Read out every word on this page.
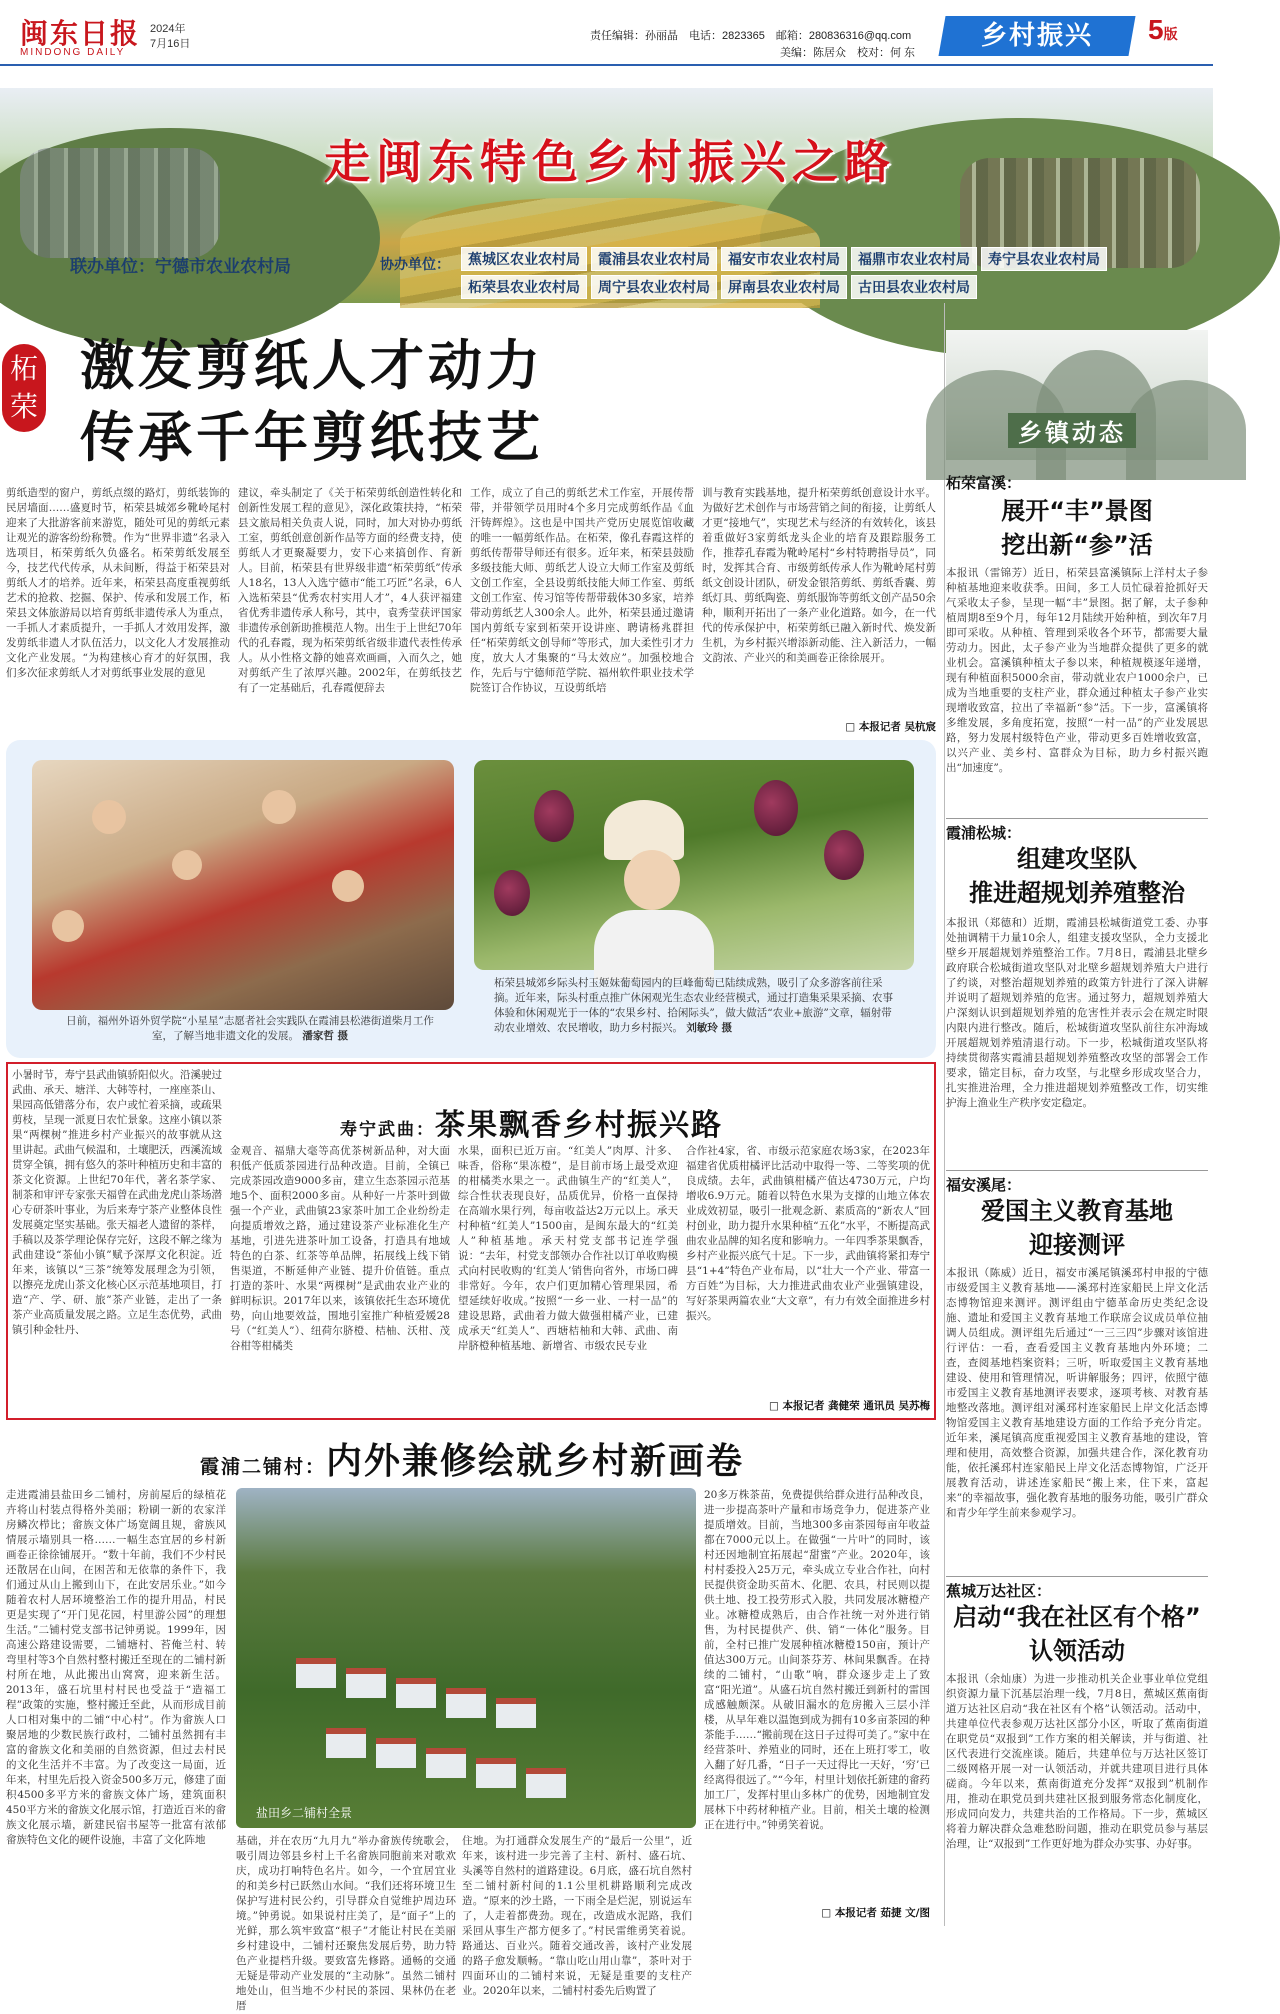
闽东日报
MINDONG DAILY
2024年
7月16日
责任编辑：孙丽晶　电话：2823365　邮箱：280836316@qq.com
美编：陈居众　校对：何 东
乡村振兴	5版
走闽东特色乡村振兴之路
联办单位：宁德市农业农村局	协办单位：	蕉城区农业农村局	霞浦县农业农村局	福安市农业农村局	福鼎市农业农村局	寿宁县农业农村局
柘荣县农业农村局	周宁县农业农村局	屏南县农业农村局	古田县农业农村局
柘荣
激发剪纸人才动力
传承千年剪纸技艺
剪纸造型的窗户，剪纸点缀的路灯，剪纸装饰的民居墙面……盛夏时节，柘荣县城郊乡靴岭尾村迎来了大批游客前来游览，随处可见的剪纸元素让观光的游客纷纷称赞。作为“世界非遗”名录入选项目，柘荣剪纸久负盛名。柘荣剪纸发展至今，技艺代代传承，从未间断，得益于柘荣县对剪纸人才的培养。近年来，柘荣县高度重视剪纸艺术的抢救、挖掘、保护、传承和发展工作，柘荣县文体旅游局以培育剪纸非遗传承人为重点，一手抓人才素质提升，一手抓人才效用发挥，激发剪纸非遗人才队伍活力，以文化人才发展推动文化产业发展。“为构建核心育才的好氛围，我们多次征求剪纸人才对剪纸事业发展的意见
建议，牵头制定了《关于柘荣剪纸创造性转化和创新性发展工程的意见》，深化政策扶持，“柘荣县文旅局相关负责人说，同时，加大对协办剪纸工室，剪纸创意创新作品等方面的经费支持，使剪纸人才更聚凝要力，安下心来搞创作、育新人。目前，柘荣县有世界级非遗“柘荣剪纸”传承人18名，13人入选宁德市“能工巧匠”名录，6人入选柘荣县“优秀农村实用人才”，4人获评福建省优秀非遗传承人称号，其中，袁秀莹获评国家非遗传承创新助推模范人物。出生于上世纪70年代的孔春霞，现为柘荣剪纸省级非遗代表性传承人。从小性格文静的她喜欢画画，入而久之，她对剪纸产生了浓厚兴趣。2002年，在剪纸技艺有了一定基础后，孔春霞便辞去
工作，成立了自己的剪纸艺术工作室，开展传帮带，并带领学员用时4个多月完成剪纸作品《血汗铸辉煌》。这也是中国共产党历史展览馆收藏的唯一一幅剪纸作品。在柘荣，像孔春霞这样的剪纸传帮带导师还有很多。近年来，柘荣县鼓励多级技能大师、剪纸艺人设立大师工作室及剪纸文创工作室，全县设剪纸技能大师工作室、剪纸文创工作室、传习馆等传帮带载体30多家，培养带动剪纸艺人300余人。此外，柘荣县通过邀请国内剪纸专家到柘荣开设讲座、聘请杨兆群担任“柘荣剪纸文创导师”等形式，加大柔性引才力度，放大人才集聚的“马太效应”。加强校地合作，先后与宁德师范学院、福州软件职业技术学院签订合作协议，互设剪纸培
训与教育实践基地，提升柘荣剪纸创意设计水平。为做好艺术创作与市场营销之间的衔接，让剪纸人才更“接地气”，实现艺术与经济的有效转化，该县着重做好3家剪纸龙头企业的培育及跟踪服务工作，推荐孔春霞为靴岭尾村“乡村特聘指导员”，同时，发挥其合育、市级剪纸传承人作为靴岭尾村剪纸文创设计团队，研发金银箔剪纸、剪纸香囊、剪纸灯具、剪纸陶瓷、剪纸服饰等剪纸文创产品50余种，顺利开拓出了一条产业化道路。如今，在一代代的传承保护中，柘荣剪纸已融入新时代、焕发新生机，为乡村振兴增添新动能、注入新活力，一幅文韵浓、产业兴的和美画卷正徐徐展开。
□ 本报记者 吴杭宸
日前，福州外语外贸学院“小星星”志愿者社会实践队在霞浦县松港街道柴月工作室，了解当地非遗文化的发展。 潘家哲 摄
柘荣县城郊乡际头村玉姬妹葡萄园内的巨峰葡萄已陆续成熟，吸引了众多游客前往采摘。近年来，际头村重点推广休闲观光生态农业经营模式，通过打造集采果采摘、农事体验和休闲观光于一体的“农果乡村、拾闲际头”，做大做活“农业+旅游”文章，辐射带动农业增效、农民增收，助力乡村振兴。 刘敏玲 摄
寿宁武曲：茶果飘香乡村振兴路
小暑时节，寿宁县武曲镇骄阳似火。沿溪驶过武曲、承天、塘洋、大韩等村，一座座茶山、果园高低错落分布，农户或忙着采摘，或疏果剪枝，呈现一派夏日农忙景象。这座小镇以茶果“两棵树”推进乡村产业振兴的故事就从这里讲起。武曲气候温和，土壤肥沃，西溪流域贯穿全镇，拥有悠久的茶叶种植历史和丰富的茶文化资源。上世纪70年代，著名茶学家、制茶和审评专家张天福曾在武曲龙虎山茶场潜心专研茶叶事业，为后来寿宁茶产业整体良性发展奠定坚实基础。张天福老人遗留的茶样，手稿以及茶学理论保存完好，这段不解之缘为武曲建设“茶仙小镇”赋予深厚文化积淀。近年来，该镇以“三茶”统筹发展理念为引领，以擦亮龙虎山茶文化核心区示范基地项目，打造“产、学、研、旅”茶产业链，走出了一条茶产业高质量发展之路。立足生态优势，武曲镇引种金牡丹、
金观音、福鼎大毫等高优茶树新品种，对大面积低产低质茶园进行品种改造。目前，全镇已完成茶园改造9000多亩，建立生态茶园示范基地5个、面积2000多亩。从种好一片茶叶到做强一个产业，武曲镇23家茶叶加工企业纷纷走向提质增效之路，通过建设茶产业标准化生产基地，引进先进茶叶加工设备，打造具有地域特色的白茶、红茶等单品牌，拓展线上线下销售渠道，不断延伸产业链、提升价值链。重点打造的茶叶、水果“两棵树”是武曲农业产业的鲜明标识。2017年以来，该镇依托生态环境优势，向山地要效益，围地引室推广种植爱媛28号（“红美人”）、纽荷尔脐橙、桔柚、沃柑、茂谷柑等柑橘类
水果，面积已近万亩。“红美人”肉厚、汁多、味香，俗称“果冻橙”，是目前市场上最受欢迎的柑橘类水果之一。武曲镇生产的“红美人”，综合性状表现良好，品质优异，价格一直保持在高端水果行列，每亩收益达2万元以上。承天村种植“红美人”1500亩，是闽东最大的“红美人”种植基地。承天村党支部书记连学强说：“去年，村党支部领办合作社以订单收购模式向村民收购的‘红美人’销售向省外，市场口碑非常好。今年，农户们更加精心管理果园，希望延续好收成。”按照“一乡一业、一村一品”的建设思路，武曲着力做大做强柑橘产业，已建成承天“红美人”、西塘桔柚和大韩、武曲、南岸脐橙种植基地、新增省、市级农民专业
合作社4家，省、市级示范家庭农场3家，在2023年福建省优质柑橘评比活动中取得一等、二等奖项的优良成绩。去年，武曲镇柑橘产值达4730万元，户均增收6.9万元。随着以特色水果为支撑的山地立体农业成效初显，吸引一批观念新、素质高的“新农人”回村创业，助力提升水果种植“五化”水平，不断提高武曲农业品牌的知名度和影响力。一年四季茶果飘香，乡村产业振兴底气十足。下一步，武曲镇将紧扣寿宁县“1+4”特色产业布局，以“壮大一个产业、带富一方百姓”为目标，大力推进武曲农业产业强镇建设，写好茶果两篇农业“大文章”，有力有效全面推进乡村振兴。
□ 本报记者 龚健荣 通讯员 吴苏梅
霞浦二铺村：内外兼修绘就乡村新画卷
走进霞浦县盐田乡二铺村，房前屋后的绿植花卉将山村装点得格外美丽；粉刷一新的农家洋房鳞次栉比；畲族文体广场宽阔且规，畲族风情展示墙别具一格……一幅生态宜居的乡村新画卷正徐徐铺展开。“数十年前，我们不少村民还散居在山间，在困苦和无依靠的条件下，我们通过从山上搬到山下，在此安居乐业。”如今随着农村人居环境整治工作的提升用品，村民更是实现了“开门见花园，村里游公园”的理想生活。”二铺村党支部书记钟勇说。1999年，因高速公路建设需要，二铺塘村、苔俺兰村、转弯里村等3个自然村整村搬迁至现在的二铺村新村所在地，从此搬出山窝窝，迎来新生活。2013年，盛石坑里村村民也受益于“造福工程”政策的实施，整村搬迁至此，从而形成目前人口相对集中的二铺“中心村”。作为畲族人口聚居地的少数民族行政村，二铺村虽然拥有丰富的畲族文化和美丽的自然资源，但过去村民的文化生活并不丰富。为了改变这一局面，近年来，村里先后投入资金500多万元，修建了面积4500多平方米的畲族文体广场，建筑面积450平方米的畲族文化展示馆，打造近百米的畲族文化展示墙，新建民宿书屋等一批富有浓郁畲族特色文化的硬件设施，丰富了文化阵地
盐田乡二铺村全景
基础，并在农历“九月九”举办畲族传统歌会，吸引周边邻县乡村上千名畲族同胞前来对歌欢庆，成功打响特色名片。如今，一个宜居宜业的和美乡村已跃然山水间。“我们还将环境卫生保护写进村民公约，引导群众自觉维护周边环境。”钟勇说。如果说村庄美了，是“面子”上的光鲜，那么筑牢致富“根子”才能让村民在美丽乡村建设中，二铺村还聚焦发展后势，助力特色产业提档升级。要致富先修路。通畅的交通无疑是带动产业发展的“主动脉”。虽然二铺村地处山，但当地不少村民的茶园、果林仍在老厝
住地。为打通群众发展生产的“最后一公里”，近年来，该村进一步完善了主村、新村、盛石坑、头溪等自然村的道路建设。6月底，盛石坑自然村至二铺村新村间的1.1公里机耕路顺利完成改造。“原来的沙土路，一下雨全是烂泥，别说运车了，人走着都费劲。现在，改造成水泥路，我们采回从事生产都方便多了。”村民雷维勇笑着说。路通达、百业兴。随着交通改善，该村产业发展的路子愈发顺畅。“靠山吃山用山靠”，茶叶对于四面环山的二铺村来说，无疑是重要的支柱产业。2020年以来，二铺村村委先后购置了
20多万株茶苗，免费提供给群众进行品种改良，进一步提高茶叶产量和市场竞争力，促进茶产业提质增效。目前，当地300多亩茶园每亩年收益都在7000元以上。在做强“一片叶”的同时，该村还因地制宜拓展起“甜蜜”产业。2020年，该村村委投入25万元，牵头成立专业合作社，向村民提供资金助买苗木、化肥、农具，村民则以提供土地、投工投劳形式入股，共同发展冰糖橙产业。冰糖橙成熟后，由合作社统一对外进行销售，为村民提供产、供、销“一体化”服务。目前，全村已推广发展种植冰糖橙150亩，预计产值达300万元。山间茶芬芳、林间果飘香。在持续的二铺村，“山歌”响，群众逐步走上了致富“阳光道”。从盛石坑自然村搬迁到新村的雷国成感触颇深。从破旧漏水的危房搬入三层小洋楼，从早年难以温饱到成为拥有10多亩茶园的种茶能手……“搬前现在这日子过得可美了。”家中在经营茶叶、养殖业的同时，还在上班打零工，收入翻了好几番，“日子一天过得比一天好，‘穷’已经离得很远了。”“今年，村里计划依托新建的畲药加工厂，发挥村里山多林广的优势，因地制宜发展林下中药材种植产业。目前，相关土壤的检测正在进行中。”钟勇笑着说。
□ 本报记者 茹捷 文/图
乡镇动态
柘荣富溪：
展开“丰”景图
挖出新“参”活
本报讯（雷锦芳）近日，柘荣县富溪镇际上洋村太子参种植基地迎来收获季。田间，多工人员忙碌着抢抓好天气采收太子参，呈现一幅“丰”景图。据了解，太子参种植周期8至9个月，每年12月陆续开始种植，到次年7月即可采收。从种植、管理到采收各个环节，都需要大量劳动力。因此，太子参产业为当地群众提供了更多的就业机会。富溪镇种植太子参以来，种植规模逐年递增，现有种植面积5000余亩，带动就业农户1000余户，已成为当地重要的支柱产业，群众通过种植太子参产业实现增收致富，拉出了幸福新“参”活。下一步，富溪镇将多维发展，多角度拓宽，按照“一村一品”的产业发展思路，努力发展村级特色产业，带动更多百姓增收致富，以兴产业、美乡村、富群众为目标，助力乡村振兴跑出“加速度”。
霞浦松城：
组建攻坚队
推进超规划养殖整治
本报讯（郑德和）近期，霞浦县松城街道党工委、办事处抽调精干力量10余人，组建支援攻坚队，全力支援北壁乡开展超规划养殖整治工作。7月8日，霞浦县北壁乡政府联合松城街道攻坚队对北壁乡超规划养殖大户进行了约谈，对整治超规划养殖的政策方针进行了深入讲解并说明了超规划养殖的危害。通过努力，超规划养殖大户深刻认识到超规划养殖的危害性并表示会在规定时限内限内进行整改。随后，松城街道攻坚队前往东冲海域开展超规划养殖清退行动。下一步，松城街道攻坚队将持续贯彻落实霞浦县超规划养殖整改攻坚的部署会工作要求，锚定目标，奋力攻坚，与北壁乡形成攻坚合力，扎实推进治理，全力推进超规划养殖整改工作，切实维护海上渔业生产秩序安定稳定。
福安溪尾：
爱国主义教育基地
迎接测评
本报讯（陈威）近日，福安市溪尾镇溪邳村申报的宁德市级爱国主义教育基地——溪邳村连家船民上岸文化活态博物馆迎来测评。测评组由宁德革命历史类纪念设施、遗址和爱国主义教育基地工作联席会议成员单位抽调人员组成。测评组先后通过“一三三四”步骤对该馆进行评估：一看，查看爱国主义教育基地内外环境；二查，查阅基地档案资料；三听，听取爱国主义教育基地建设、使用和管理情况，听讲解服务；四评，依照宁德市爱国主义教育基地测评表要求，逐项考核、对教育基地整改落地。测评组对溪邳村连家船民上岸文化活态博物馆爱国主义教育基地建设方面的工作给予充分肯定。近年来，溪尾镇高度重视爱国主义教育基地的建设，管理和使用，高效整合资源，加强共建合作，深化教育功能，依托溪邳村连家船民上岸文化活态博物馆，广泛开展教育活动，讲述连家船民“搬上来，住下来，富起来”的幸福故事，强化教育基地的服务功能，吸引广群众和青少年学生前来参观学习。
蕉城万达社区：
启动“我在社区有个格”
认领活动
本报讯（余灿康）为进一步推动机关企业事业单位党组织资源力量下沉基层治理一线，7月8日，蕉城区蕉南街道万达社区启动“我在社区有个格”认领活动。活动中，共建单位代表参观万达社区部分小区，听取了蕉南街道在职党员“双报到”工作方案的相关解读，并与街道、社区代表进行交流座谈。随后，共建单位与万达社区签订二级网格开展一对一认领活动，并就共建项目进行具体磋商。今年以来，蕉南街道充分发挥“双报到”机制作用，推动在职党员到共建社区报到服务常态化制度化，形成同向发力，共建共治的工作格局。下一步，蕉城区将着力解决群众急难愁盼问题，推动在职党员参与基层治理，让“双报到”工作更好地为群众办实事、办好事。
